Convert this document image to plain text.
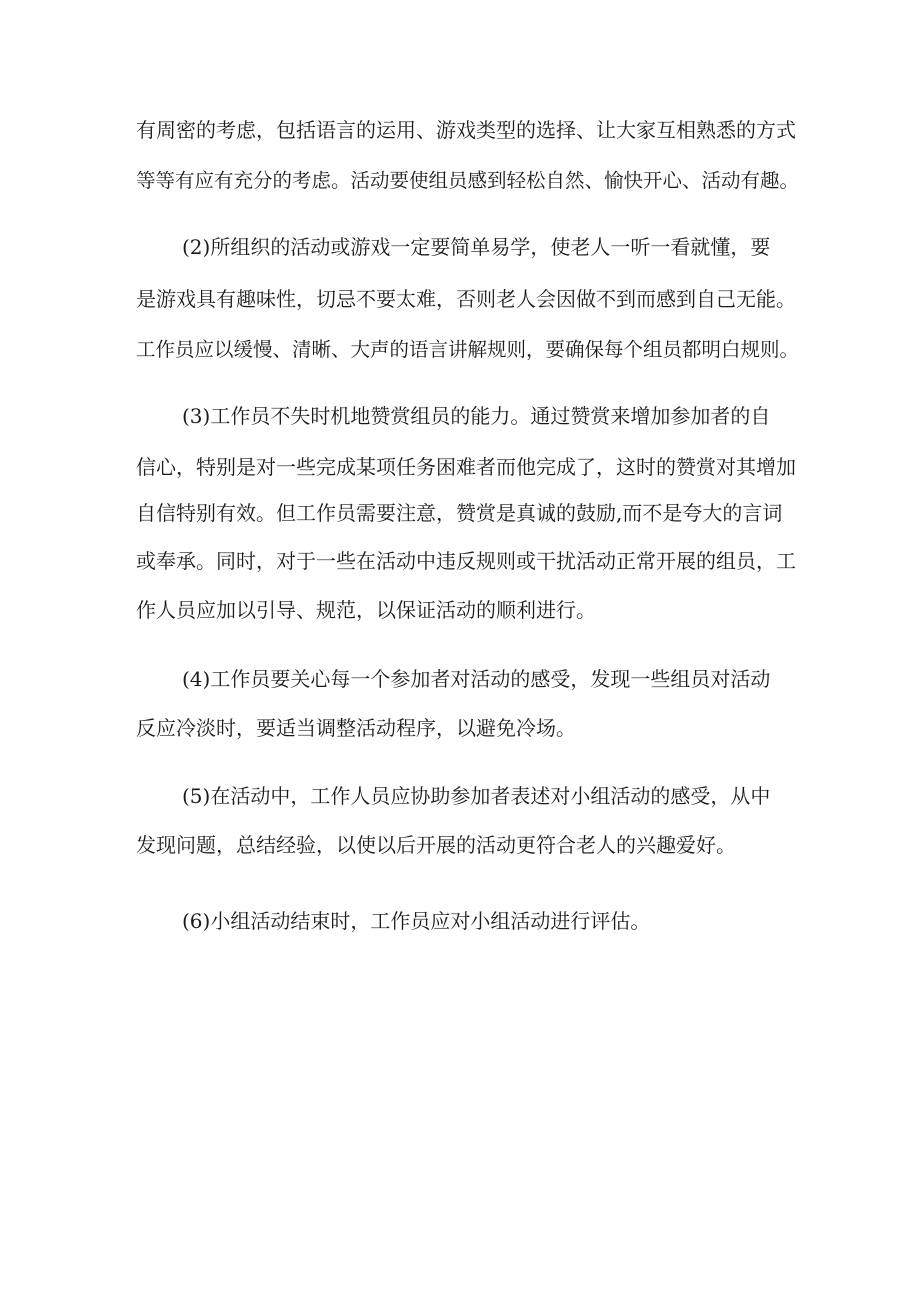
有周密的考虑，包括语言的运用、游戏类型的选择、让大家互相熟悉的方式
等等有应有充分的考虑。活动要使组员感到轻松自然、愉快开心、活动有趣。
(2)所组织的活动或游戏一定要简单易学，使老人一听一看就懂，要
是游戏具有趣味性，切忌不要太难，否则老人会因做不到而感到自己无能。
工作员应以缓慢、清晰、大声的语言讲解规则，要确保每个组员都明白规则。
(3)工作员不失时机地赞赏组员的能力。通过赞赏来增加参加者的自
信心，特别是对一些完成某项任务困难者而他完成了，这时的赞赏对其增加
自信特别有效。但工作员需要注意，赞赏是真诚的鼓励,而不是夸大的言词
或奉承。同时，对于一些在活动中违反规则或干扰活动正常开展的组员，工
作人员应加以引导、规范，以保证活动的顺利进行。
(4)工作员要关心每一个参加者对活动的感受，发现一些组员对活动
反应冷淡时，要适当调整活动程序，以避免冷场。
(5)在活动中，工作人员应协助参加者表述对小组活动的感受，从中
发现问题，总结经验，以使以后开展的活动更符合老人的兴趣爱好。
(6)小组活动结束时，工作员应对小组活动进行评估。
